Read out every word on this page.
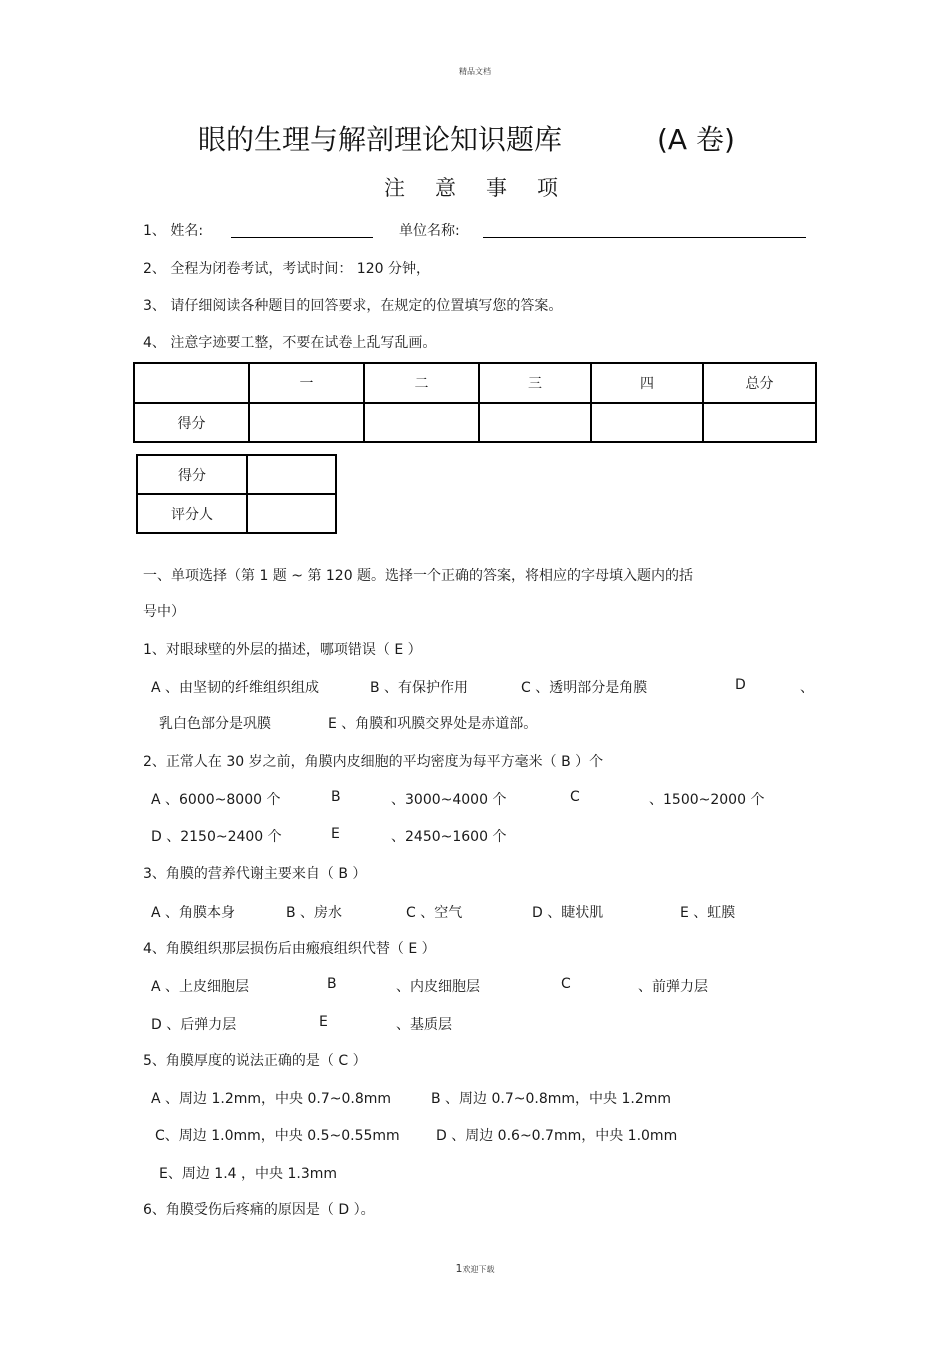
精品文档
眼的生理与解剖理论知识题库	(A 卷)
注意事项
1、 姓名:	单位名称:
2、 全程为闭卷考试，考试时间： 120 分钟，
3、 请仔细阅读各种题目的回答要求，在规定的位置填写您的答案。
4、 注意字迹要工整，不要在试卷上乱写乱画。
	一	二	三	四	总分
得分					
得分	
评分人	
一、单项选择（第 1 题 ~ 第 120 题。选择一个正确的答案，将相应的字母填入题内的括
号中）
1、对眼球壁的外层的描述，哪项错误（ E ）
A 、由坚韧的纤维组织组成	B 、有保护作用	C 、透明部分是角膜	D	、
乳白色部分是巩膜	E 、角膜和巩膜交界处是赤道部。
2、正常人在 30 岁之前，角膜内皮细胞的平均密度为每平方毫米（ B ）个
A 、6000~8000 个	B	、3000~4000 个	C	、1500~2000 个
D 、2150~2400 个	E	、2450~1600 个
3、角膜的营养代谢主要来自（ B ）
A 、角膜本身	B 、房水	C 、空气	D 、睫状肌	E 、虹膜
4、角膜组织那层损伤后由瘢痕组织代替（ E ）
A 、上皮细胞层	B	、内皮细胞层	C	、前弹力层
D 、后弹力层	E	、基质层
5、角膜厚度的说法正确的是（ C ）
A 、周边 1.2mm，中央 0.7~0.8mm	B 、周边 0.7~0.8mm，中央 1.2mm
C、周边 1.0mm，中央 0.5~0.55mm	D 、周边 0.6~0.7mm，中央 1.0mm
E、周边 1.4 ，中央 1.3mm
6、角膜受伤后疼痛的原因是（ D ）。
1欢迎下载
